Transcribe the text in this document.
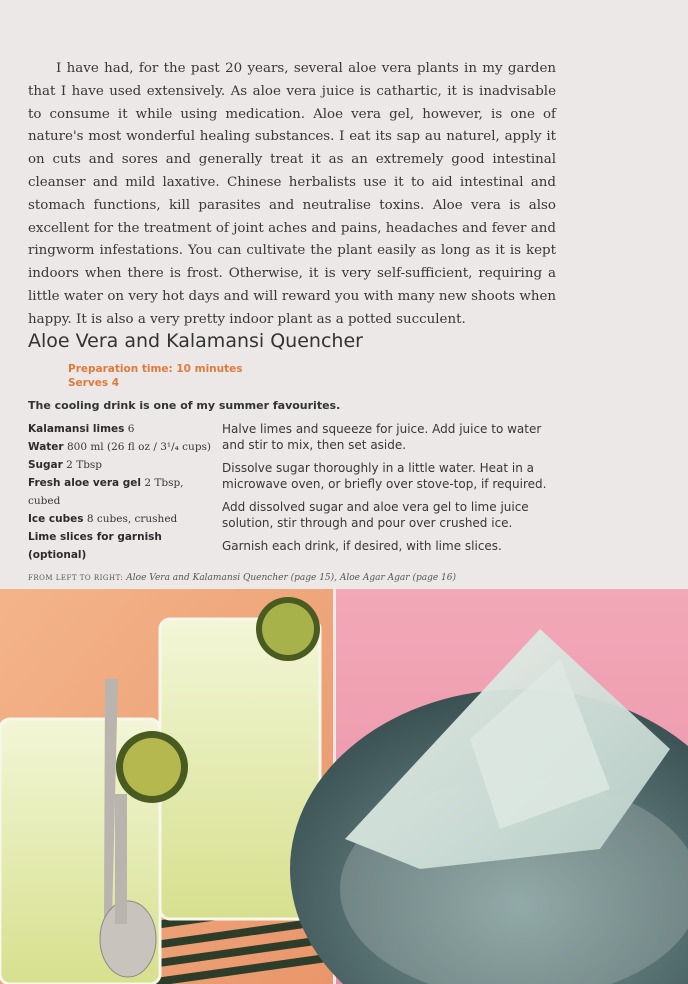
I have had, for the past 20 years, several aloe vera plants in my garden that I have used extensively. As aloe vera juice is cathartic, it is inadvisable to consume it while using medication. Aloe vera gel, however, is one of nature's most wonderful healing substances. I eat its sap au naturel, apply it on cuts and sores and generally treat it as an extremely good intestinal cleanser and mild laxative. Chinese herbalists use it to aid intestinal and stomach functions, kill parasites and neutralise toxins. Aloe vera is also excellent for the treatment of joint aches and pains, headaches and fever and ringworm infestations. You can cultivate the plant easily as long as it is kept indoors when there is frost. Otherwise, it is very self-sufficient, requiring a little water on very hot days and will reward you with many new shoots when happy. It is also a very pretty indoor plant as a potted succulent.

Aloe Vera and Kalamansi Quencher
Preparation time: 10 minutes
Serves 4

The cooling drink is one of my summer favourites.

Kalamansi limes 6
Water 800 ml (26 fl oz / 3¹/₄ cups)
Sugar 2 Tbsp
Fresh aloe vera gel 2 Tbsp, cubed
Ice cubes 8 cubes, crushed
Lime slices for garnish (optional)
Halve limes and squeeze for juice. Add juice to water and stir to mix, then set aside.
Dissolve sugar thoroughly in a little water. Heat in a microwave oven, or briefly over stove-top, if required.
Add dissolved sugar and aloe vera gel to lime juice solution, stir through and pour over crushed ice.
Garnish each drink, if desired, with lime slices.
FROM LEFT TO RIGHT: Aloe Vera and Kalamansi Quencher (page 15), Aloe Agar Agar (page 16)
